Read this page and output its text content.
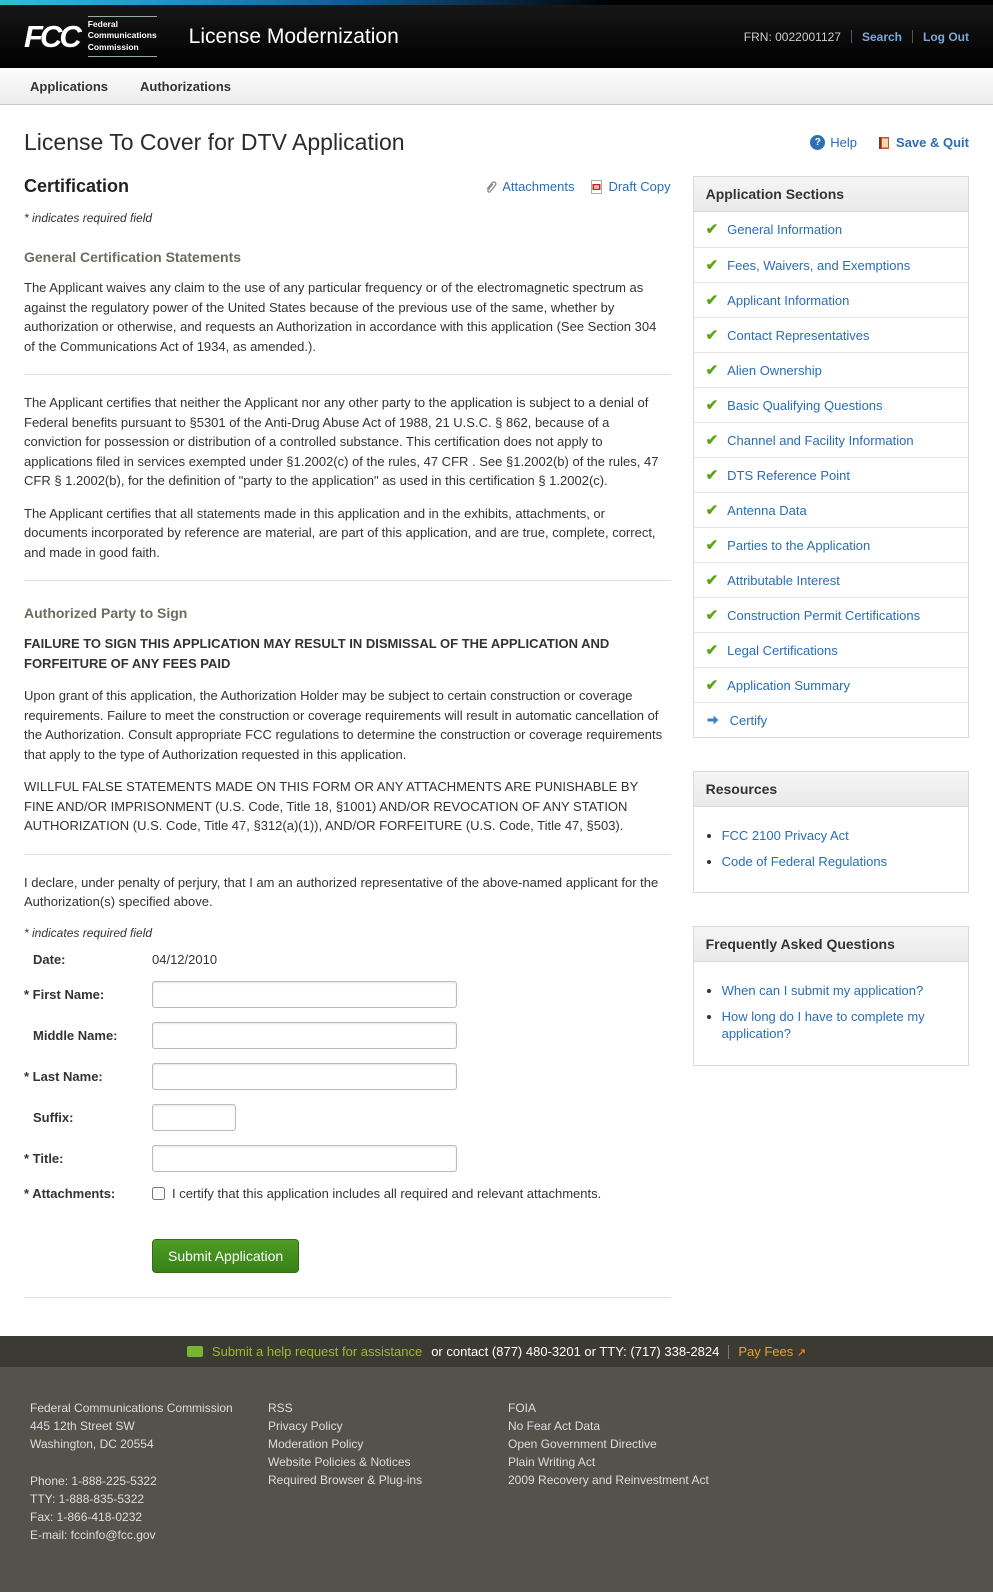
FCC Federal
Communications
Commission	License Modernization	FRN: 0022001127 Search Log Out
Applications	Authorizations
License To Cover for DTV Application	? Help	Save & Quit
Certification	Attachments	Draft Copy
* indicates required field
General Certification Statements

The Applicant waives any claim to the use of any particular frequency or of the electromagnetic spectrum as against the regulatory power of the United States because of the previous use of the same, whether by authorization or otherwise, and requests an Authorization in accordance with this application (See Section 304 of the Communications Act of 1934, as amended.).

The Applicant certifies that neither the Applicant nor any other party to the application is subject to a denial of Federal benefits pursuant to §5301 of the Anti-Drug Abuse Act of 1988, 21 U.S.C. § 862, because of a conviction for possession or distribution of a controlled substance. This certification does not apply to applications filed in services exempted under §1.2002(c) of the rules, 47 CFR . See §1.2002(b) of the rules, 47 CFR § 1.2002(b), for the definition of "party to the application" as used in this certification § 1.2002(c).

The Applicant certifies that all statements made in this application and in the exhibits, attachments, or documents incorporated by reference are material, are part of this application, and are true, complete, correct, and made in good faith.

Authorized Party to Sign

FAILURE TO SIGN THIS APPLICATION MAY RESULT IN DISMISSAL OF THE APPLICATION AND FORFEITURE OF ANY FEES PAID

Upon grant of this application, the Authorization Holder may be subject to certain construction or coverage requirements. Failure to meet the construction or coverage requirements will result in automatic cancellation of the Authorization. Consult appropriate FCC regulations to determine the construction or coverage requirements that apply to the type of Authorization requested in this application.

WILLFUL FALSE STATEMENTS MADE ON THIS FORM OR ANY ATTACHMENTS ARE PUNISHABLE BY FINE AND/OR IMPRISONMENT (U.S. Code, Title 18, §1001) AND/OR REVOCATION OF ANY STATION AUTHORIZATION (U.S. Code, Title 47, §312(a)(1)), AND/OR FORFEITURE (U.S. Code, Title 47, §503).

I declare, under penalty of perjury, that I am an authorized representative of the above-named applicant for the Authorization(s) specified above.

* indicates required field
Date:	04/12/2010
* First Name:
Middle Name:
* Last Name:
Suffix:
* Title:
* Attachments:	I certify that this application includes all required and relevant attachments.
Submit Application
Application Sections
✔ General Information
✔ Fees, Waivers, and Exemptions
✔ Applicant Information
✔ Contact Representatives
✔ Alien Ownership
✔ Basic Qualifying Questions
✔ Channel and Facility Information
✔ DTS Reference Point
✔ Antenna Data
✔ Parties to the Application
✔ Attributable Interest
✔ Construction Permit Certifications
✔ Legal Certifications
✔ Application Summary
Certify
Resources
• FCC 2100 Privacy Act
• Code of Federal Regulations
Frequently Asked Questions
• When can I submit my application?
• How long do I have to complete my application?
Submit a help request for assistance or contact (877) 480-3201 or TTY: (717) 338-2824 Pay Fees ↗
Federal Communications Commission
445 12th Street SW
Washington, DC 20554
Phone: 1-888-225-5322
TTY: 1-888-835-5322
Fax: 1-866-418-0232
E-mail: fccinfo@fcc.gov
RSS
Privacy Policy
Moderation Policy
Website Policies & Notices
Required Browser & Plug-ins
FOIA
No Fear Act Data
Open Government Directive
Plain Writing Act
2009 Recovery and Reinvestment Act
